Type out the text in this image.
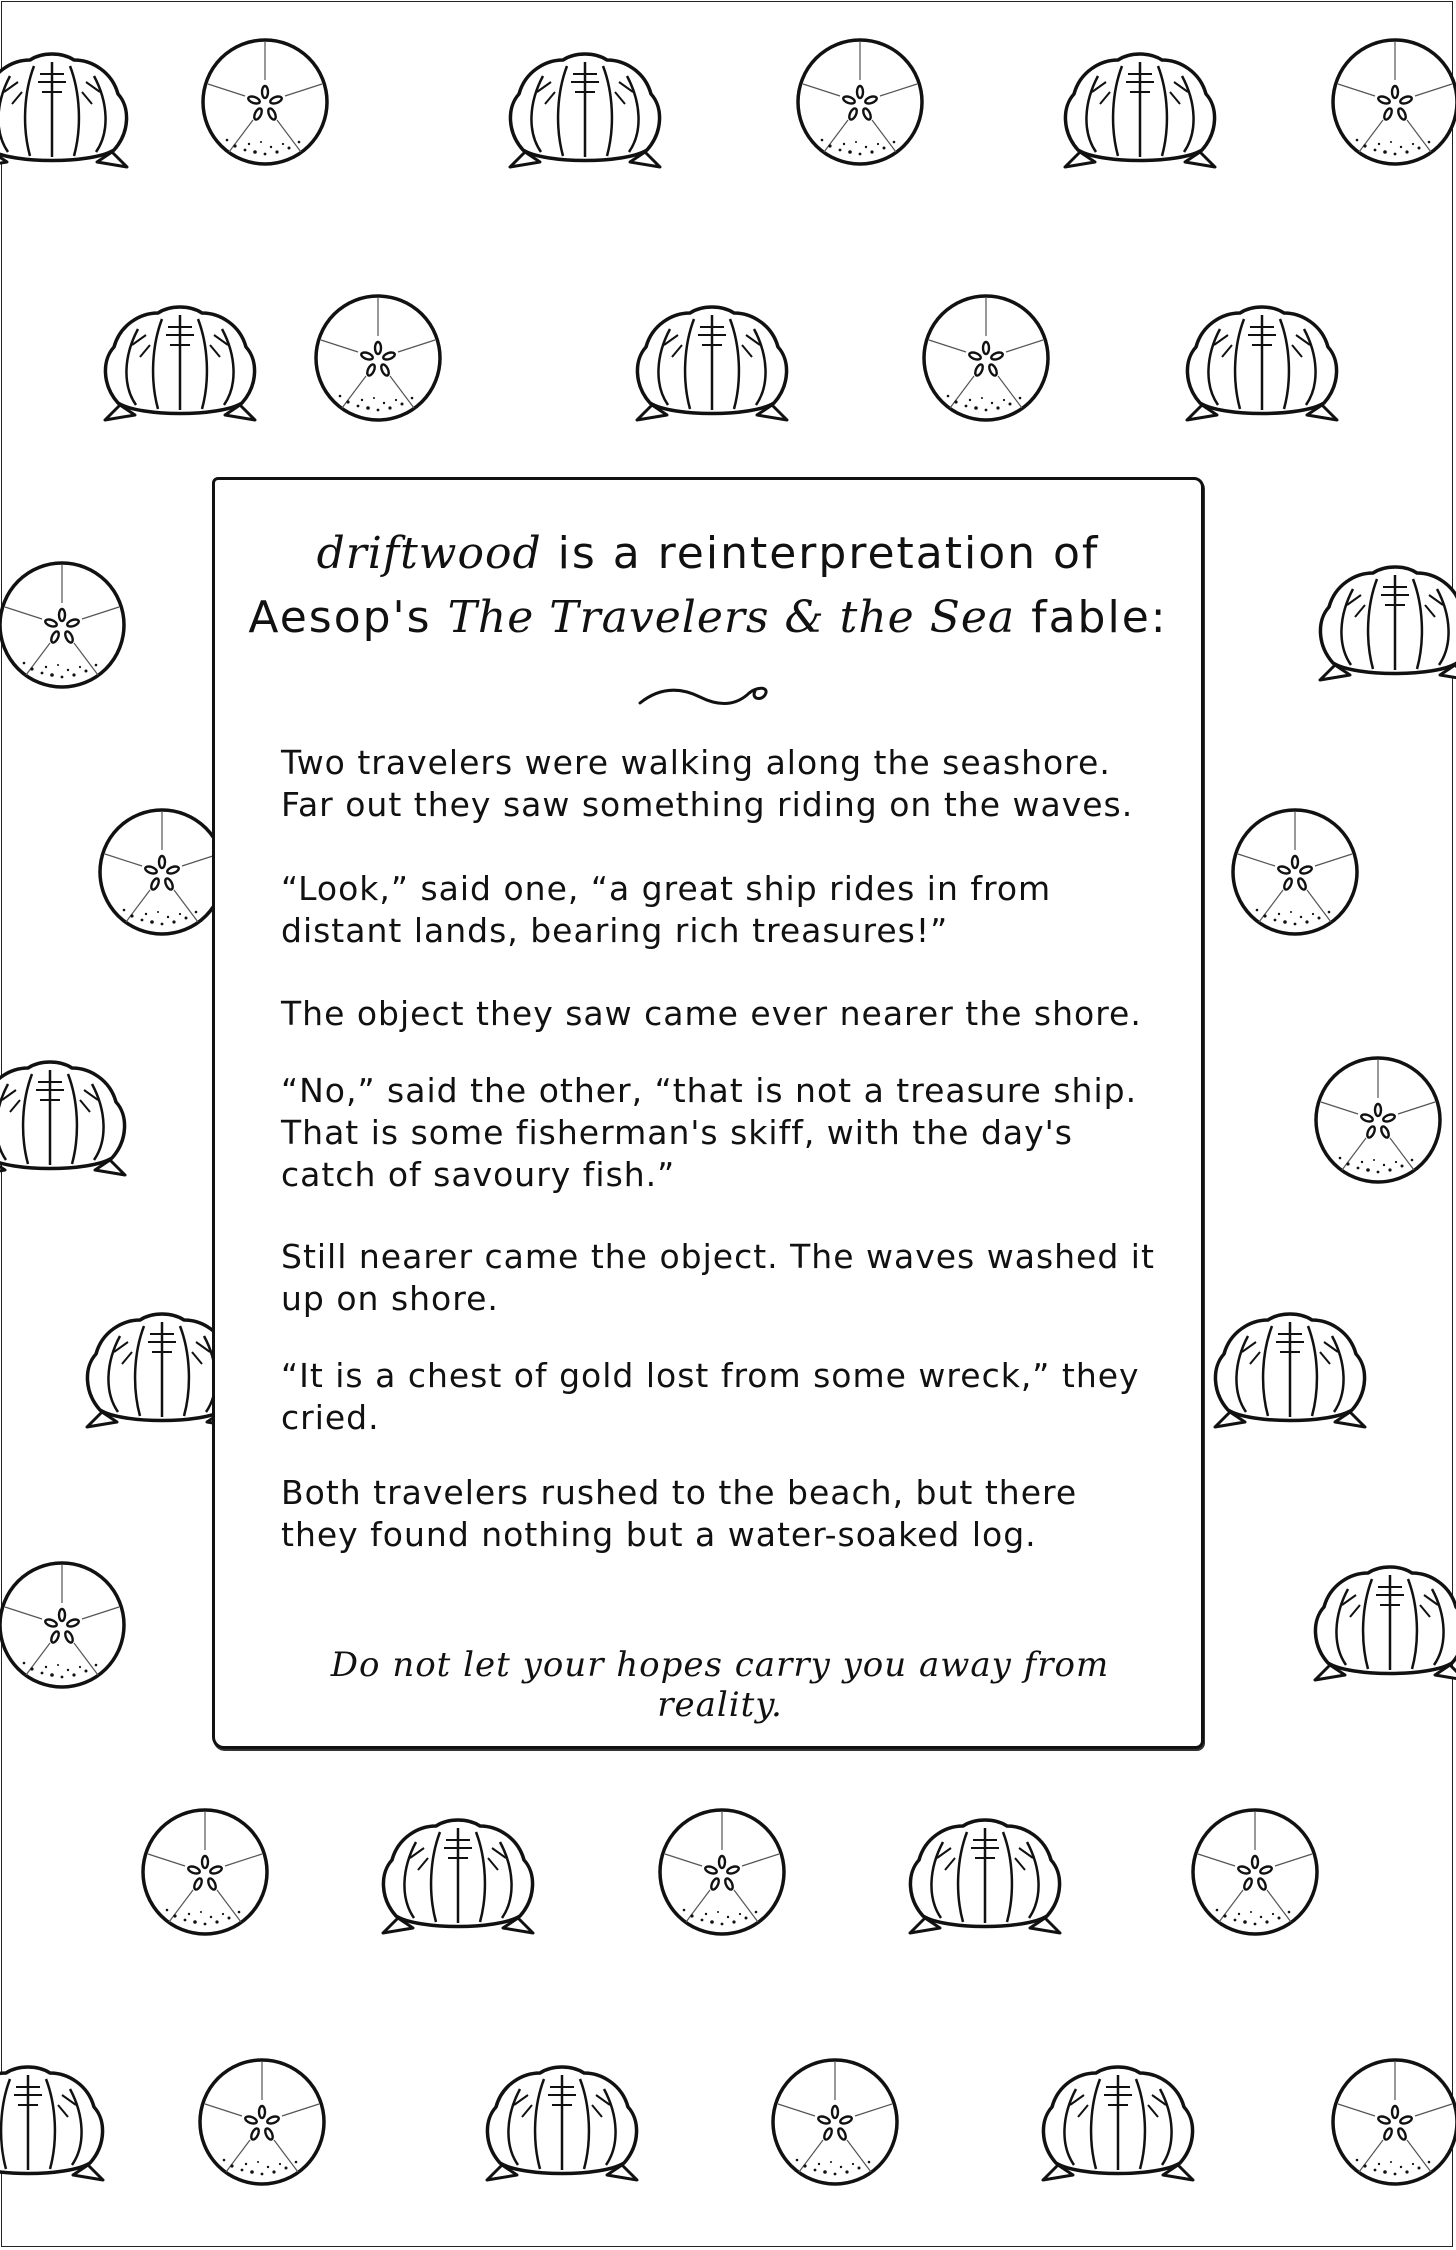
driftwood is a reinterpretation of
Aesop's The Travelers & the Sea fable:

Two travelers were walking along the seashore. Far out they saw something riding on the waves.

“Look,” said one, “a great ship rides in from distant lands, bearing rich treasures!”

The object they saw came ever nearer the shore.

“No,” said the other, “that is not a treasure ship. That is some fisherman's skiff, with the day's catch of savoury fish.”

Still nearer came the object. The waves washed it up on shore.

“It is a chest of gold lost from some wreck,” they cried.

Both travelers rushed to the beach, but there they found nothing but a water-soaked log.

Do not let your hopes carry you away from reality.
